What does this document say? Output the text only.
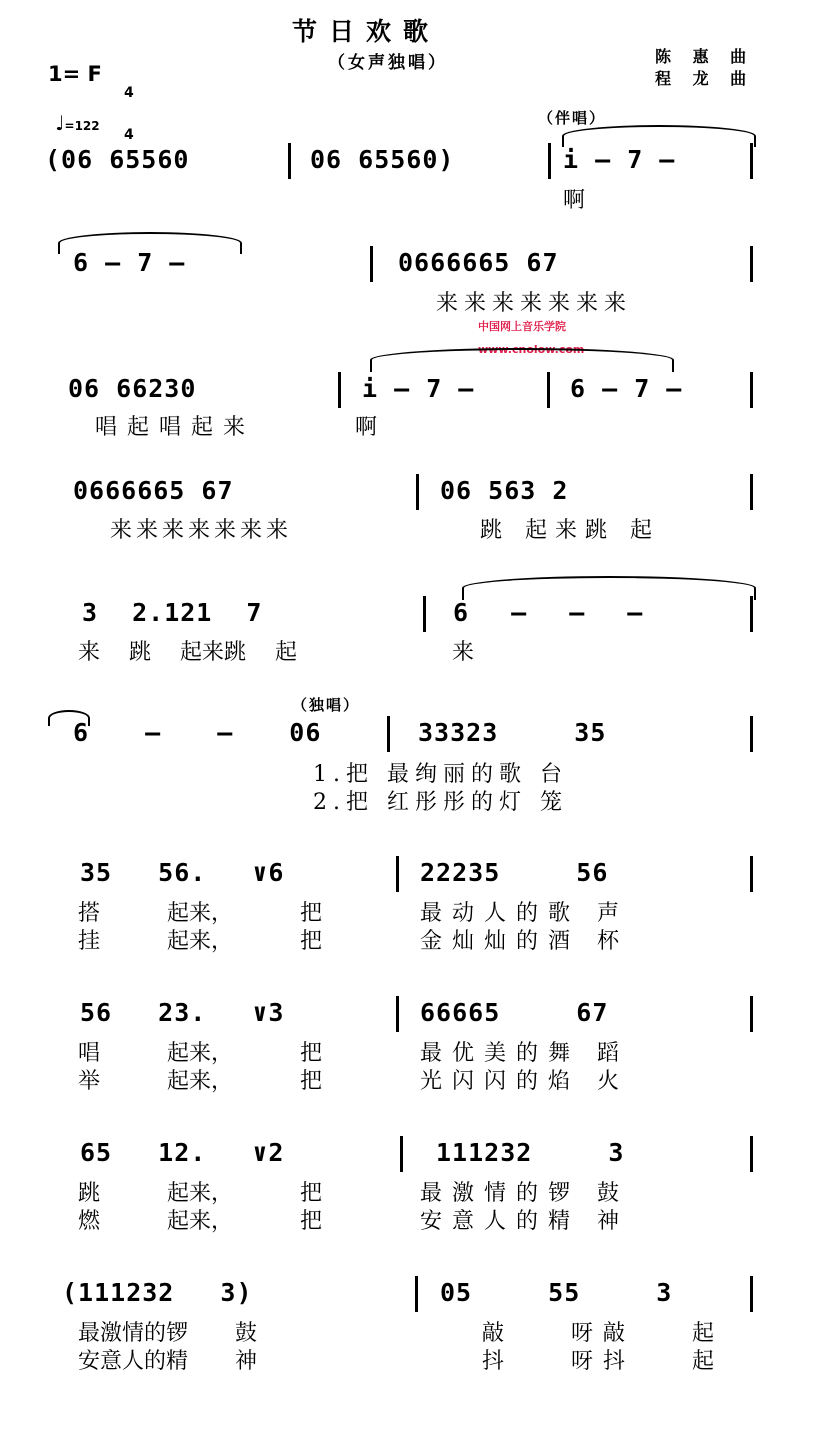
节日欢歌
（女声独唱）
1= F

4

4

♩=122

陈 惠 曲
程 龙 曲
（伴唱）
（独唱）
中国网上音乐学院
www.cnolow.com
(06 65560	06 65560)	i – 7 –
啊
6 – 7 –	0666665 67
来来来来来来来
06 66230	i – 7 –	6 – 7 –
唱起唱起来	啊
0666665 67	06 563 2
来来来来来来来	跳 起来跳 起
3 2.121 7	6 – – –
来 跳 起来跳 起	来
6 – – 06	33323 35
1.把 最绚丽的歌 台
2.把 红彤彤的灯 笼
35 56. ∨6	22235 56
搭 起来， 把	最动人的歌 声
挂 起来， 把	金灿灿的酒 杯
56 23. ∨3	66665 67
唱 起来， 把	最优美的舞 蹈
举 起来， 把	光闪闪的焰 火
65 12. ∨2	111232 3
跳 起来， 把	最激情的锣 鼓
燃 起来， 把	安意人的精 神
(111232 3)	05 55 3
最激情的锣 鼓	敲 呀敲 起
安意人的精 神	抖 呀抖 起
